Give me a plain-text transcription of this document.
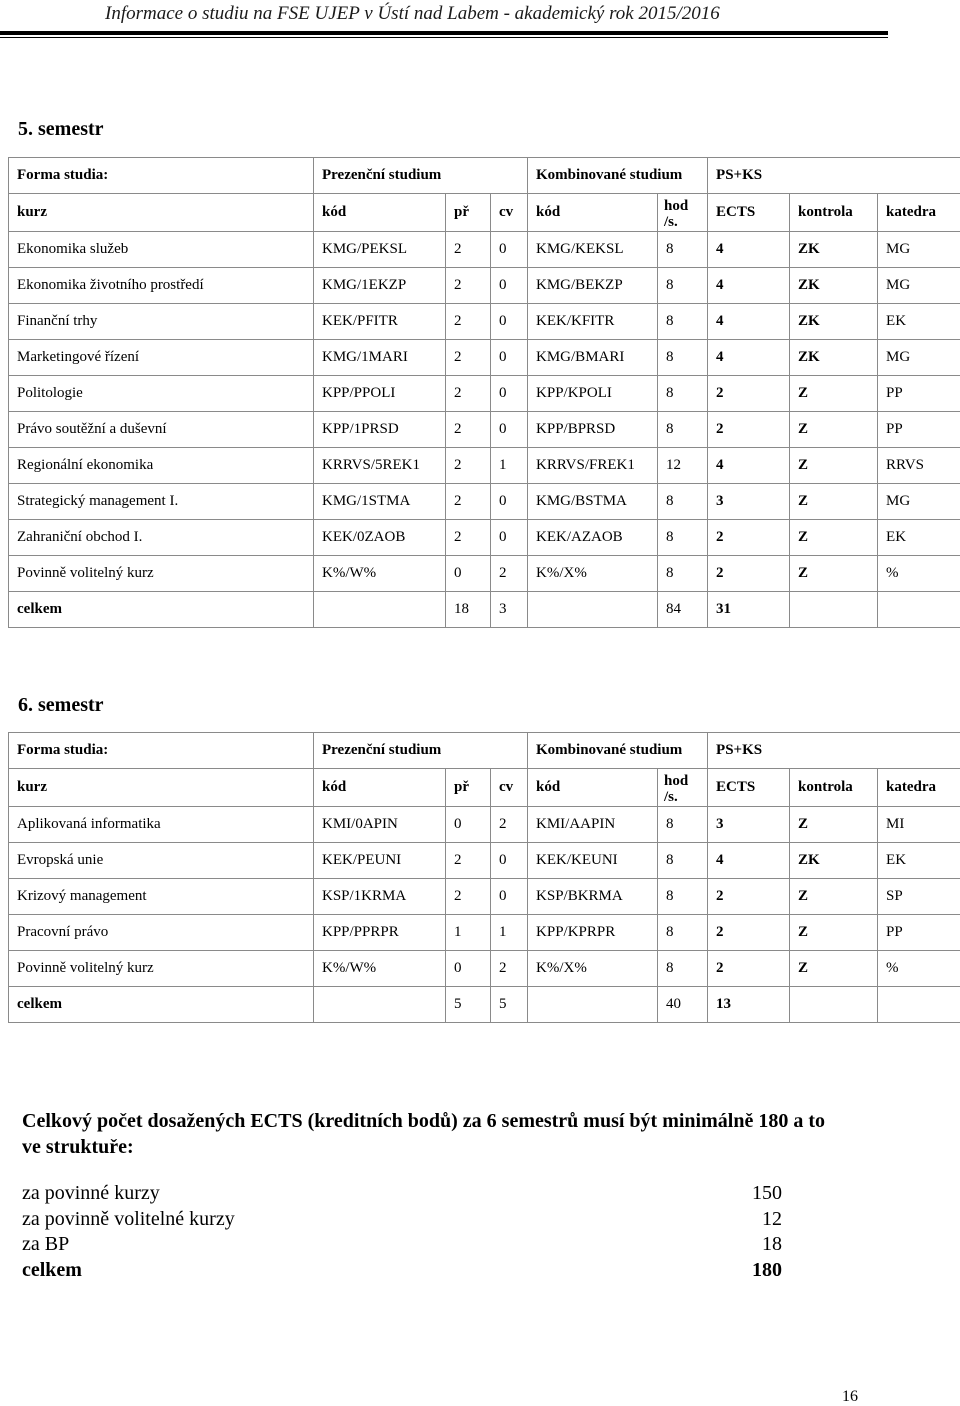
Informace o studiu na FSE UJEP v Ústí nad Labem - akademický rok 2015/2016
5. semestr
Forma studia:	Prezenční studium			Kombinované studium		PS+KS		
kurz	kód	př	cv	kód	hod /s.	ECTS	kontrola	katedra
Ekonomika služeb	KMG/PEKSL	2	0	KMG/KEKSL	8	4	ZK	MG
Ekonomika životního prostředí	KMG/1EKZP	2	0	KMG/BEKZP	8	4	ZK	MG
Finanční trhy	KEK/PFITR	2	0	KEK/KFITR	8	4	ZK	EK
Marketingové řízení	KMG/1MARI	2	0	KMG/BMARI	8	4	ZK	MG
Politologie	KPP/PPOLI	2	0	KPP/KPOLI	8	2	Z	PP
Právo soutěžní a duševní	KPP/1PRSD	2	0	KPP/BPRSD	8	2	Z	PP
Regionální ekonomika	KRRVS/5REK1	2	1	KRRVS/FREK1	12	4	Z	RRVS
Strategický management I.	KMG/1STMA	2	0	KMG/BSTMA	8	3	Z	MG
Zahraniční obchod I.	KEK/0ZAOB	2	0	KEK/AZAOB	8	2	Z	EK
Povinně volitelný kurz	K%/W%	0	2	K%/X%	8	2	Z	%
celkem		18	3		84	31		
6. semestr
Forma studia:	Prezenční studium			Kombinované studium		PS+KS		
kurz	kód	př	cv	kód	hod /s.	ECTS	kontrola	katedra
Aplikovaná informatika	KMI/0APIN	0	2	KMI/AAPIN	8	3	Z	MI
Evropská unie	KEK/PEUNI	2	0	KEK/KEUNI	8	4	ZK	EK
Krizový management	KSP/1KRMA	2	0	KSP/BKRMA	8	2	Z	SP
Pracovní právo	KPP/PPRPR	1	1	KPP/KPRPR	8	2	Z	PP
Povinně volitelný kurz	K%/W%	0	2	K%/X%	8	2	Z	%
celkem		5	5		40	13		
Celkový počet dosažených ECTS (kreditních bodů) za 6 semestrů musí být minimálně 180 a to ve struktuře:
za povinné kurzy	150
za povinně volitelné kurzy	12
za BP	18
celkem	180
16
